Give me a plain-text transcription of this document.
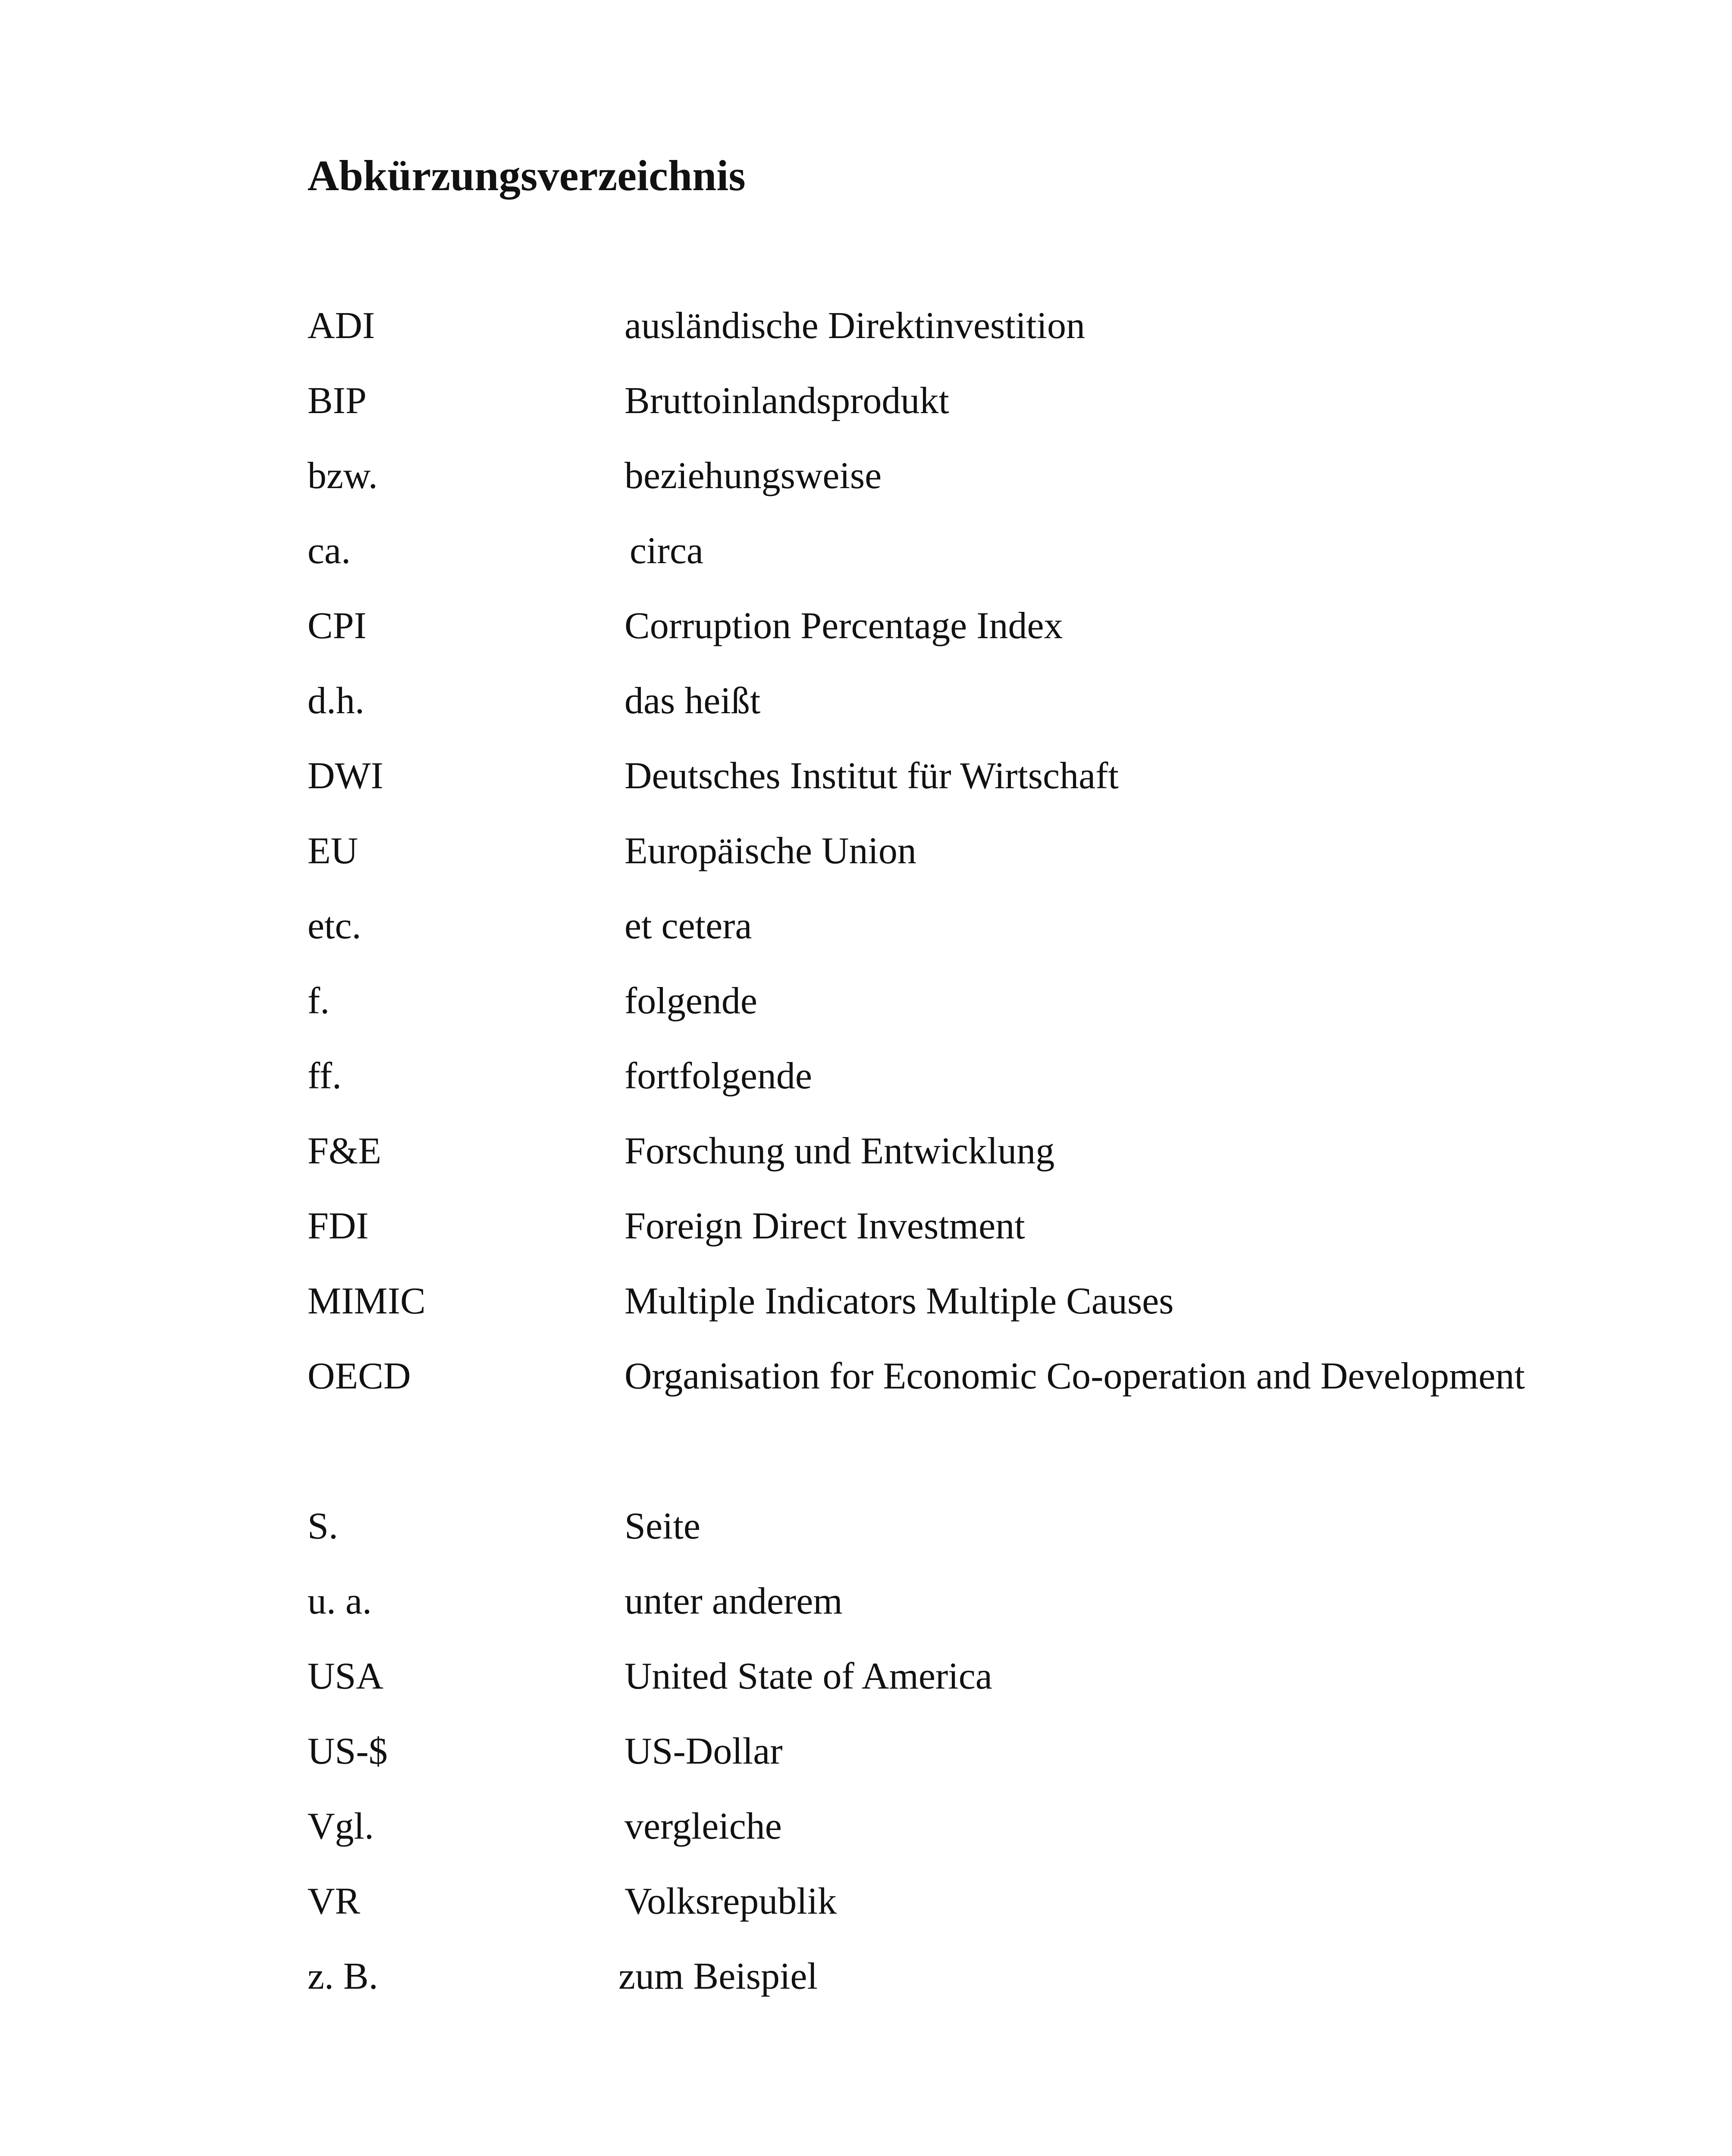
Abkürzungsverzeichnis
ADI	ausländische Direktinvestition
BIP	Bruttoinlandsprodukt
bzw.	beziehungsweise
ca.	circa
CPI	Corruption Percentage Index
d.h.	das heißt
DWI	Deutsches Institut für Wirtschaft
EU	Europäische Union
etc.	et cetera
f.	folgende
ff.	fortfolgende
F&E	Forschung und Entwicklung
FDI	Foreign Direct Investment
MIMIC	Multiple Indicators Multiple Causes
OECD	Organisation for Economic Co-operation and Development
S.	Seite
u. a.	unter anderem
USA	United State of America
US-$	US-Dollar
Vgl.	vergleiche
VR	Volksrepublik
z. B.	zum Beispiel
